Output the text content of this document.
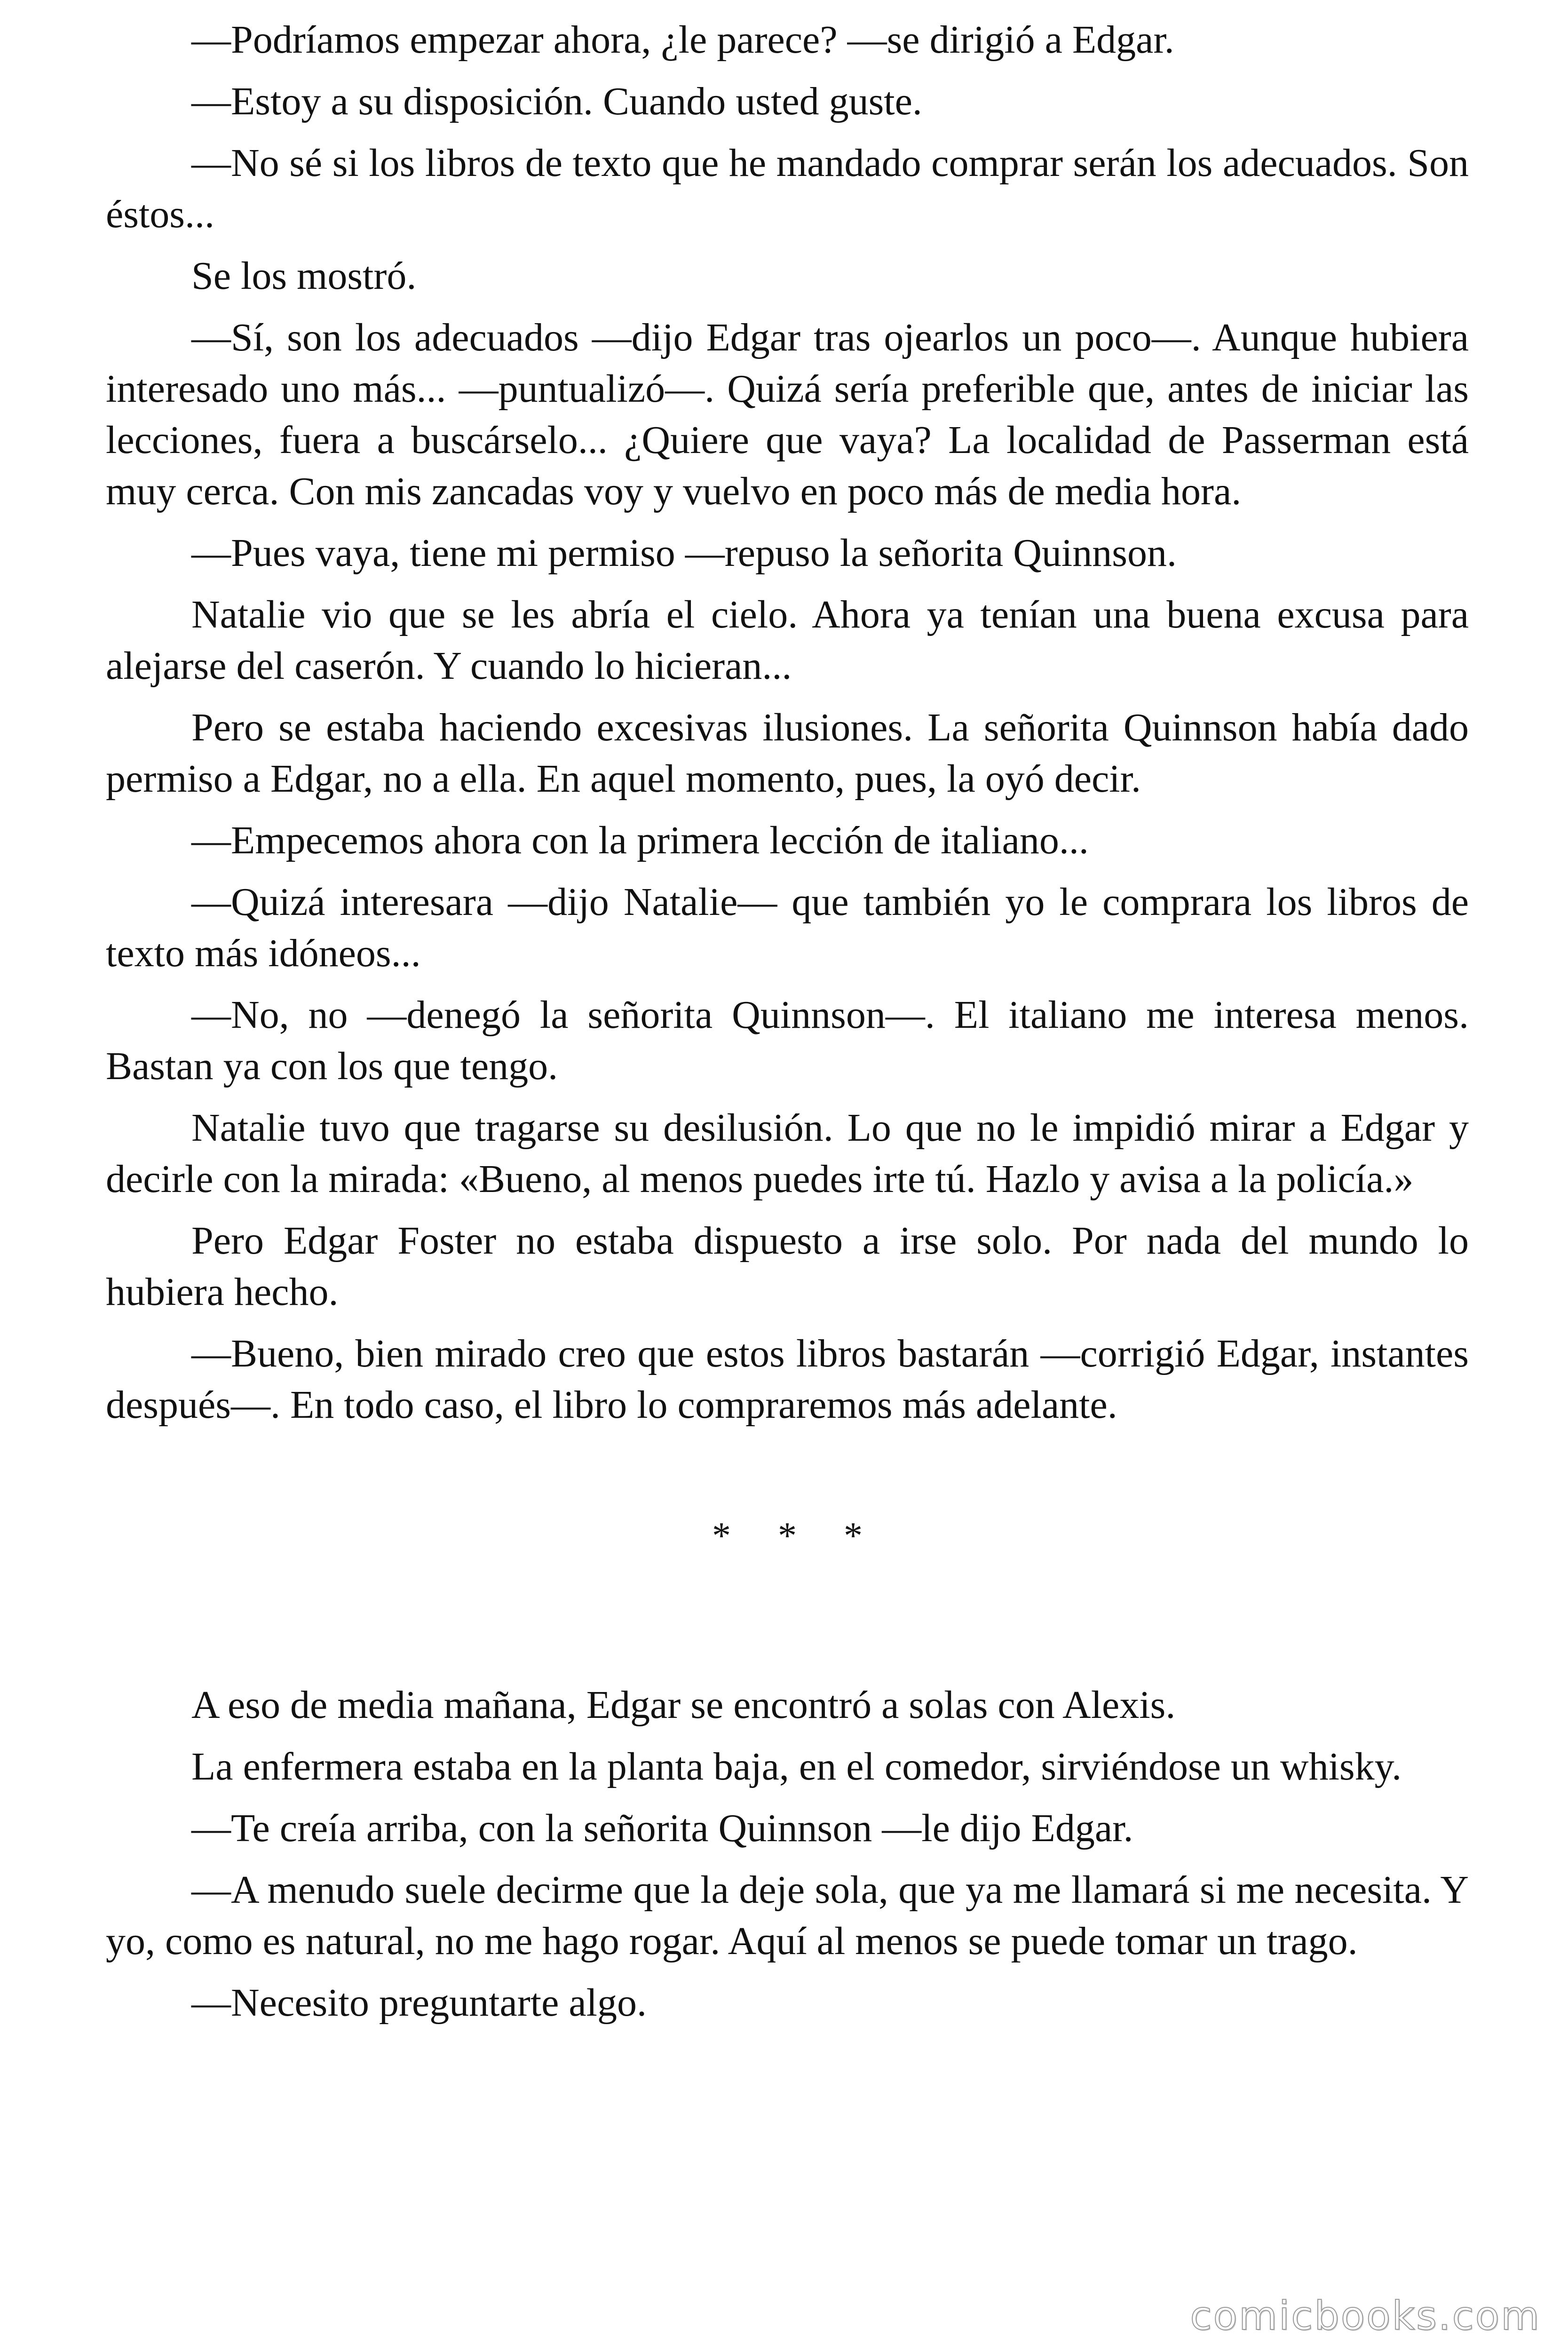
—Podríamos empezar ahora, ¿le parece? —se dirigió a Edgar.

—Estoy a su disposición. Cuando usted guste.

—No sé si los libros de texto que he mandado comprar serán los adecuados. Son éstos...

Se los mostró.

—Sí, son los adecuados —dijo Edgar tras ojearlos un poco—. Aunque hubiera interesado uno más... —puntualizó—. Quizá sería preferible que, antes de iniciar las lecciones, fuera a buscárselo... ¿Quiere que vaya? La localidad de Passerman está muy cerca. Con mis zancadas voy y vuelvo en poco más de media hora.

—Pues vaya, tiene mi permiso —repuso la señorita Quinnson.

Natalie vio que se les abría el cielo. Ahora ya tenían una buena excusa para alejarse del caserón. Y cuando lo hicieran...

Pero se estaba haciendo excesivas ilusiones. La señorita Quinnson había dado permiso a Edgar, no a ella. En aquel momento, pues, la oyó decir.

—Empecemos ahora con la primera lección de italiano...

—Quizá interesara —dijo Natalie— que también yo le comprara los libros de texto más idóneos...

—No, no —denegó la señorita Quinnson—. El italiano me interesa menos. Bastan ya con los que tengo.

Natalie tuvo que tragarse su desilusión. Lo que no le impidió mirar a Edgar y decirle con la mirada: «Bueno, al menos puedes irte tú. Hazlo y avisa a la policía.»

Pero Edgar Foster no estaba dispuesto a irse solo. Por nada del mundo lo hubiera hecho.

—Bueno, bien mirado creo que estos libros bastarán —corrigió Edgar, instantes después—. En todo caso, el libro lo compraremos más adelante.

* * *

A eso de media mañana, Edgar se encontró a solas con Alexis.

La enfermera estaba en la planta baja, en el comedor, sirviéndose un whisky.

—Te creía arriba, con la señorita Quinnson —le dijo Edgar.

—A menudo suele decirme que la deje sola, que ya me llamará si me necesita. Y yo, como es natural, no me hago rogar. Aquí al menos se puede tomar un trago.

—Necesito preguntarte algo.

comicbooks.com
